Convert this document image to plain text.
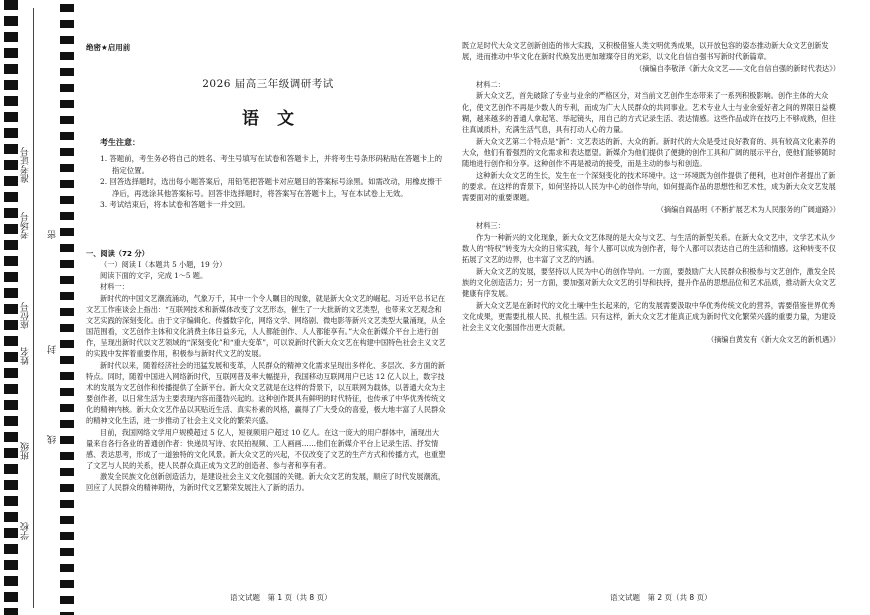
准考证号
考场号
座位号
姓名
班级
学校
密
封
线
绝密★启用前
2026 届高三年级调研考试
语文
考生注意：

1. 答题前，考生务必将自己的姓名、考生号填写在试卷和答题卡上，并将考生号条形码粘贴在答题卡上的指定位置。

2. 回答选择题时，选出每小题答案后，用铅笔把答题卡对应题目的答案标号涂黑。如需改动，用橡皮擦干净后，再选涂其他答案标号。回答非选择题时，将答案写在答题卡上，写在本试卷上无效。

3. 考试结束后，将本试卷和答题卡一并交回。

一、阅读（72 分）

（一）阅读 I（本题共 5 小题，19 分）

阅读下面的文字，完成 1～5 题。

材料一：

新时代的中国文艺潮流涌动，气象万千，其中一个令人瞩目的现象，就是新大众文艺的崛起。习近平总书记在文艺工作座谈会上指出：“互联网技术和新媒体改变了文艺形态，催生了一大批新的文艺类型，也带来文艺观念和文艺实践的深刻变化。由于文字编辑化、传播数字化，网络文学、网络剧、微电影等新兴文艺类型大量涌现，从全国范围看，文艺创作主体和文化消费主体日益多元，人人都能创作、人人都能享有。”大众在新媒介平台上进行创作，呈现出新时代以文艺领域的“深刻变化”和“重大变革”，可以说新时代新大众文艺在构建中国特色社会主义文艺的实践中发挥着重要作用，积极参与新时代文艺的发展。

新时代以来，随着经济社会的迅猛发展和变革，人民群众的精神文化需求呈现出多样化、多层次、多方面的新特点。同时，随着中国进入网络新时代，互联网普及率大幅提升，我国移动互联网用户已达 12 亿人以上，数字技术的发展为文艺创作和传播提供了全新平台。新大众文艺就是在这样的背景下，以互联网为载体，以普通大众为主要创作者，以日常生活为主要表现内容而蓬勃兴起的。这种创作既具有鲜明的时代特征，也传承了中华优秀传统文化的精神内核。新大众文艺作品以其贴近生活、真实朴素的风格，赢得了广大受众的喜爱，极大地丰富了人民群众的精神文化生活，进一步推动了社会主义文化的繁荣兴盛。

目前，我国网络文学用户规模超过 5 亿人，短视频用户超过 10 亿人。在这一庞大的用户群体中，涌现出大量来自各行各业的普通创作者：快递员写诗、农民拍视频、工人画画……他们在新媒介平台上记录生活、抒发情感、表达思考，形成了一道独特的文化风景。新大众文艺的兴起，不仅改变了文艺的生产方式和传播方式，也重塑了文艺与人民的关系，使人民群众真正成为文艺的创造者、参与者和享有者。

激发全民族文化创新创造活力，是建设社会主义文化强国的关键。新大众文艺的发展，顺应了时代发展潮流，回应了人民群众的精神期待，为新时代文艺繁荣发展注入了新的活力。

既立足时代大众文艺创新创造的伟大实践，又积极借鉴人类文明优秀成果，以开放包容的姿态推动新大众文艺创新发展，进而推动中华文化在新时代焕发出更加璀璨夺目的光彩，以文化自信自强书写新时代新篇章。

（摘编自李敬泽《新大众文艺——文化自信自强的新时代表达》）

材料二：

新大众文艺，首先破除了专业与业余的严格区分，对当前文艺创作生态带来了一系列积极影响。创作主体的大众化，使文艺创作不再是少数人的专利，而成为广大人民群众的共同事业。艺术专业人士与业余爱好者之间的界限日益模糊，越来越多的普通人拿起笔、举起镜头，用自己的方式记录生活、表达情感。这些作品或许在技巧上不够成熟，但往往真诚质朴，充满生活气息，具有打动人心的力量。

新大众文艺第二个特点是“新”：文艺表达的新、大众的新。新时代的大众是受过良好教育的、具有较高文化素养的大众，他们有着强烈的文化需求和表达愿望。新媒介为他们提供了便捷的创作工具和广阔的展示平台，使他们能够随时随地进行创作和分享。这种创作不再是被动的接受，而是主动的参与和创造。

这种新大众文艺的生长，发生在一个深刻变化的技术环境中。这一环境既为创作提供了便利，也对创作者提出了新的要求。在这样的背景下，如何坚持以人民为中心的创作导向，如何提高作品的思想性和艺术性，成为新大众文艺发展需要面对的重要课题。

（摘编自阎晶明《不断扩展艺术为人民服务的广阔道路》）

材料三：

作为一种新兴的文化现象，新大众文艺体现的是大众与文艺、与生活的新型关系。在新大众文艺中，文学艺术从少数人的“特权”转变为大众的日常实践，每个人都可以成为创作者，每个人都可以表达自己的生活和情感。这种转变不仅拓展了文艺的边界，也丰富了文艺的内涵。

新大众文艺的发展，要坚持以人民为中心的创作导向。一方面，要鼓励广大人民群众积极参与文艺创作，激发全民族的文化创造活力；另一方面，要加强对新大众文艺的引导和扶持，提升作品的思想品位和艺术品质，推动新大众文艺健康有序发展。

新大众文艺是在新时代的文化土壤中生长起来的，它的发展需要汲取中华优秀传统文化的营养，需要借鉴世界优秀文化成果，更需要扎根人民、扎根生活。只有这样，新大众文艺才能真正成为新时代文化繁荣兴盛的重要力量，为建设社会主义文化强国作出更大贡献。

（摘编自黄发有《新大众文艺的新机遇》）

语文试题　第 1 页（共 8 页）	语文试题　第 2 页（共 8 页）
